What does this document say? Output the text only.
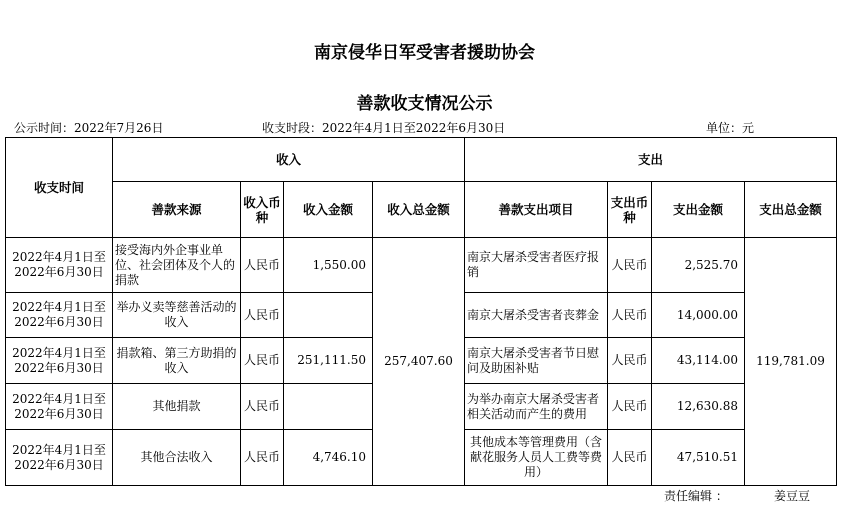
南京侵华日军受害者援助协会
善款收支情况公示
公示时间：2022年7月26日	收支时段：2022年4月1日至2022年6月30日	单位：元
收支时间	收入				支出			
	善款来源	收入币种	收入金额	收入总金额	善款支出项目	支出币种	支出金额	支出总金额
2022年4月1日至2022年6月30日	接受海内外企事业单位、社会团体及个人的捐款	人民币	1,550.00	257,407.60	南京大屠杀受害者医疗报销	人民币	2,525.70	119,781.09
2022年4月1日至2022年6月30日	举办义卖等慈善活动的收入	人民币			南京大屠杀受害者丧葬金	人民币	14,000.00	
2022年4月1日至2022年6月30日	捐款箱、第三方助捐的收入	人民币	251,111.50		南京大屠杀受害者节日慰问及助困补贴	人民币	43,114.00	
2022年4月1日至2022年6月30日	其他捐款	人民币			为举办南京大屠杀受害者相关活动而产生的费用	人民币	12,630.88	
2022年4月1日至2022年6月30日	其他合法收入	人民币	4,746.10		其他成本等管理费用（含献花服务人员人工费等费用）	人民币	47,510.51	
责任编辑 ：	姜豆豆
